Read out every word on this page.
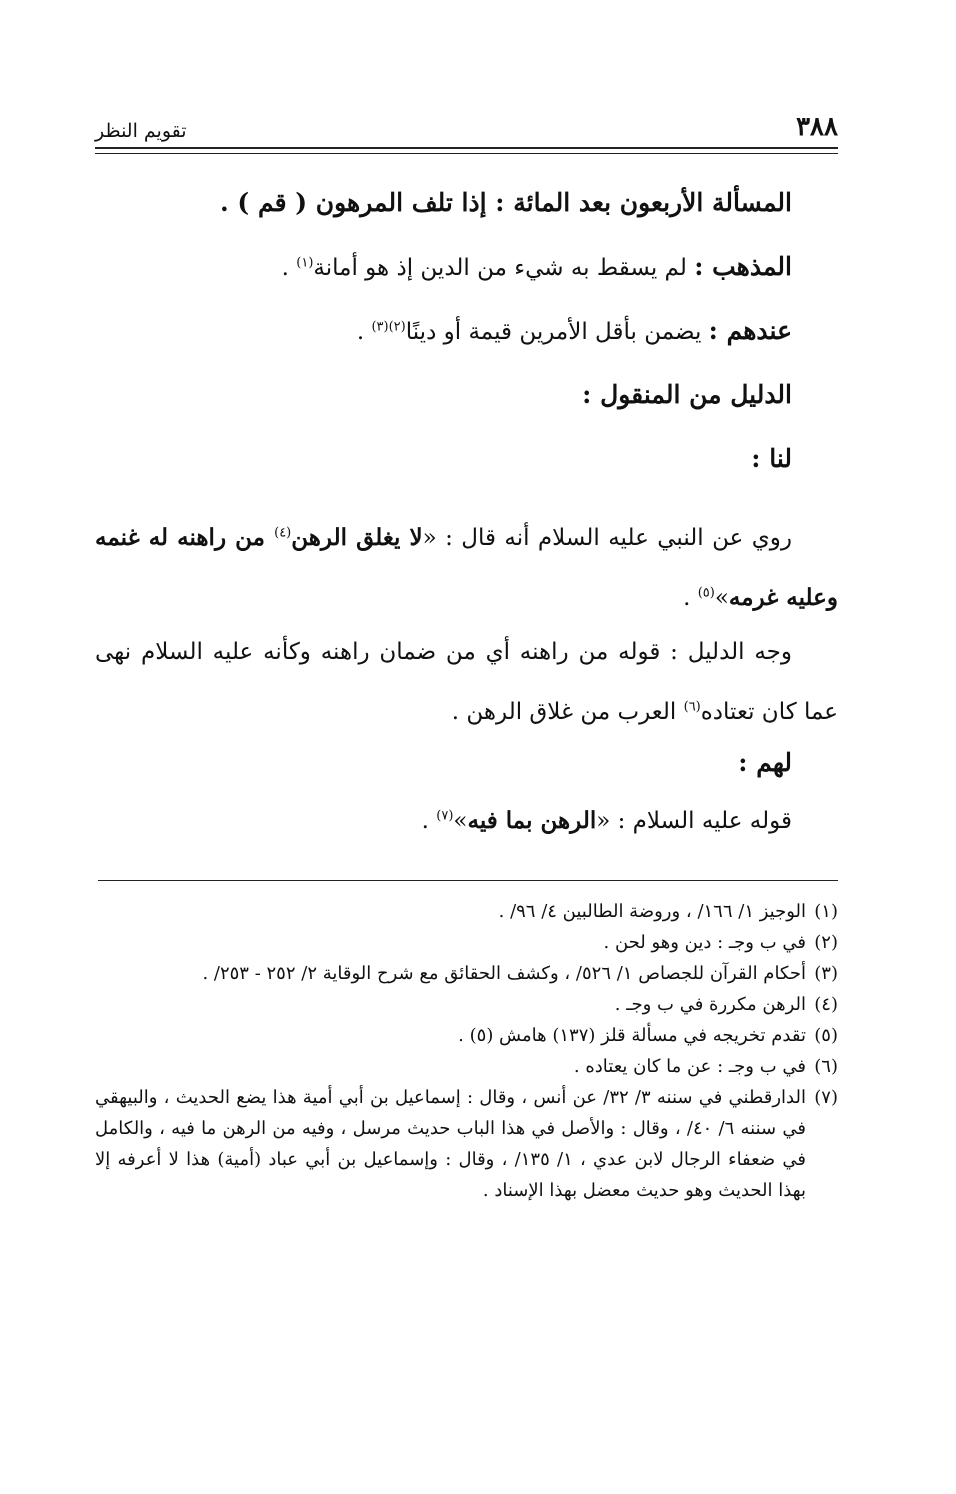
٣٨٨
تقويم النظر
المسألة الأربعون بعد المائة : إذا تلف المرهون ( قم ) .
المذهب : لم يسقط به شيء من الدين إذ هو أمانة$^{(١)}$ .
عندهم : يضمن بأقل الأمرين قيمة أو دينًا$^{(٢)(٣)}$ .
الدليل من المنقول :
لنا :
روي عن النبي عليه السلام أنه قال : «لا يغلق الرهن$^{(٤)}$ من راهنه له غنمه وعليه غرمه»$^{(٥)}$ .
وجه الدليل : قوله من راهنه أي من ضمان راهنه وكأنه عليه السلام نهى عما كان تعتاده$^{(٦)}$ العرب من غلاق الرهن .
لهم :
قوله عليه السلام : «الرهن بما فيه»$^{(٧)}$ .
(١)
الوجيز ١/ ١٦٦/ ، وروضة الطالبين ٤/ ٩٦/ .
(٢)
في ب وجـ : دين وهو لحن .
(٣)
أحكام القرآن للجصاص ١/ ٥٢٦/ ، وكشف الحقائق مع شرح الوقاية ٢/ ٢٥٢ - ٢٥٣/ .
(٤)
الرهن مكررة في ب وجـ .
(٥)
تقدم تخريجه في مسألة قلز (١٣٧) هامش (٥) .
(٦)
في ب وجـ : عن ما كان يعتاده .
(٧)
الدارقطني في سننه ٣/ ٣٢/ عن أنس ، وقال : إسماعيل بن أبي أمية هذا يضع الحديث ، والبيهقي في سننه ٦/ ٤٠/ ، وقال : والأصل في هذا الباب حديث مرسل ، وفيه من الرهن ما فيه ، والكامل في ضعفاء الرجال لابن عدي ، ١/ ١٣٥/ ، وقال : وإسماعيل بن أبي عباد (أمية) هذا لا أعرفه إلا بهذا الحديث وهو حديث معضل بهذا الإسناد .
